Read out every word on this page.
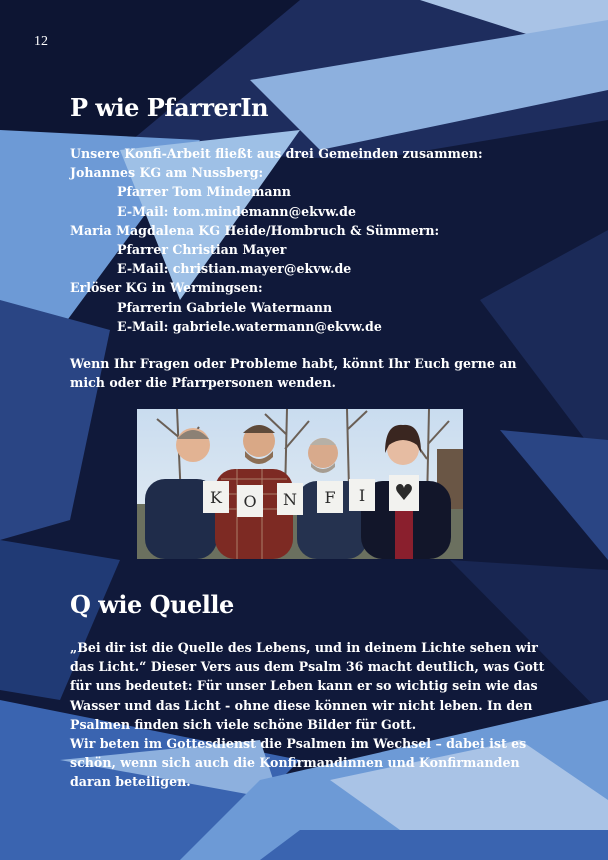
12
P wie PfarrerIn
Unsere Konfi-Arbeit fließt aus drei Gemeinden zusammen:
Johannes KG am Nussberg:
Pfarrer Tom Mindemann
E-Mail: tom.mindemann@ekvw.de
Maria Magdalena KG Heide/Hombruch & Sümmern:
Pfarrer Christian Mayer
E-Mail: christian.mayer@ekvw.de
Erlöser KG in Wermingsen:
Pfarrerin Gabriele Watermann
E-Mail: gabriele.watermann@ekvw.de
Wenn Ihr Fragen oder Probleme habt, könnt Ihr Euch gerne an
mich oder die Pfarrpersonen wenden.
K O N F I ♥
Q wie Quelle
„Bei dir ist die Quelle des Lebens, und in deinem Lichte sehen wir
das Licht.“ Dieser Vers aus dem Psalm 36 macht deutlich, was Gott
für uns bedeutet: Für unser Leben kann er so wichtig sein wie das
Wasser und das Licht - ohne diese können wir nicht leben. In den
Psalmen finden sich viele schöne Bilder für Gott.
Wir beten im Gottesdienst die Psalmen im Wechsel – dabei ist es
schön, wenn sich auch die Konfirmandinnen und Konfirmanden
daran beteiligen.
